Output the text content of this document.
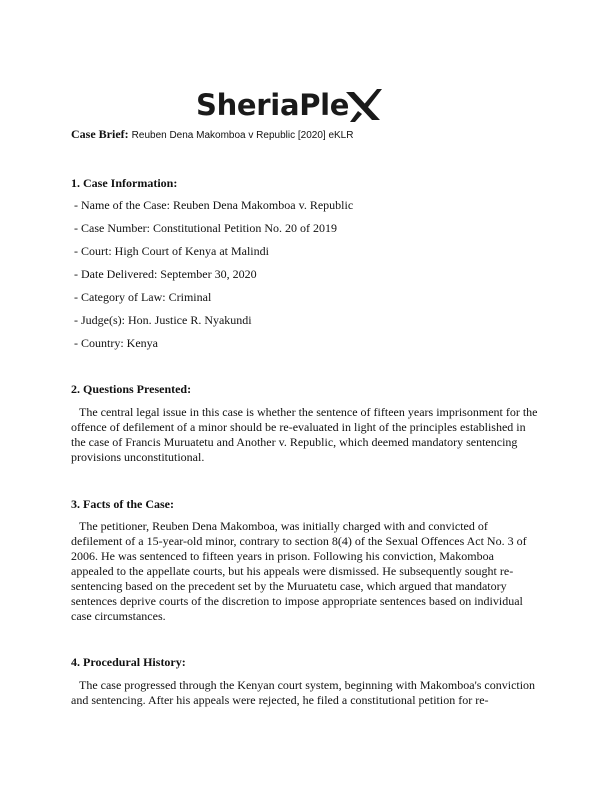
SheriaPle
Case Brief: Reuben Dena Makomboa v Republic [2020] eKLR
1. Case Information:
- Name of the Case: Reuben Dena Makomboa v. Republic
- Case Number: Constitutional Petition No. 20 of 2019
- Court: High Court of Kenya at Malindi
- Date Delivered: September 30, 2020
- Category of Law: Criminal
- Judge(s): Hon. Justice R. Nyakundi
- Country: Kenya
2. Questions Presented:
The central legal issue in this case is whether the sentence of fifteen years imprisonment for the
offence of defilement of a minor should be re-evaluated in light of the principles established in
the case of Francis Muruatetu and Another v. Republic, which deemed mandatory sentencing
provisions unconstitutional.
3. Facts of the Case:
The petitioner, Reuben Dena Makomboa, was initially charged with and convicted of
defilement of a 15-year-old minor, contrary to section 8(4) of the Sexual Offences Act No. 3 of
2006. He was sentenced to fifteen years in prison. Following his conviction, Makomboa
appealed to the appellate courts, but his appeals were dismissed. He subsequently sought re-
sentencing based on the precedent set by the Muruatetu case, which argued that mandatory
sentences deprive courts of the discretion to impose appropriate sentences based on individual
case circumstances.
4. Procedural History:
The case progressed through the Kenyan court system, beginning with Makomboa's conviction
and sentencing. After his appeals were rejected, he filed a constitutional petition for re-
